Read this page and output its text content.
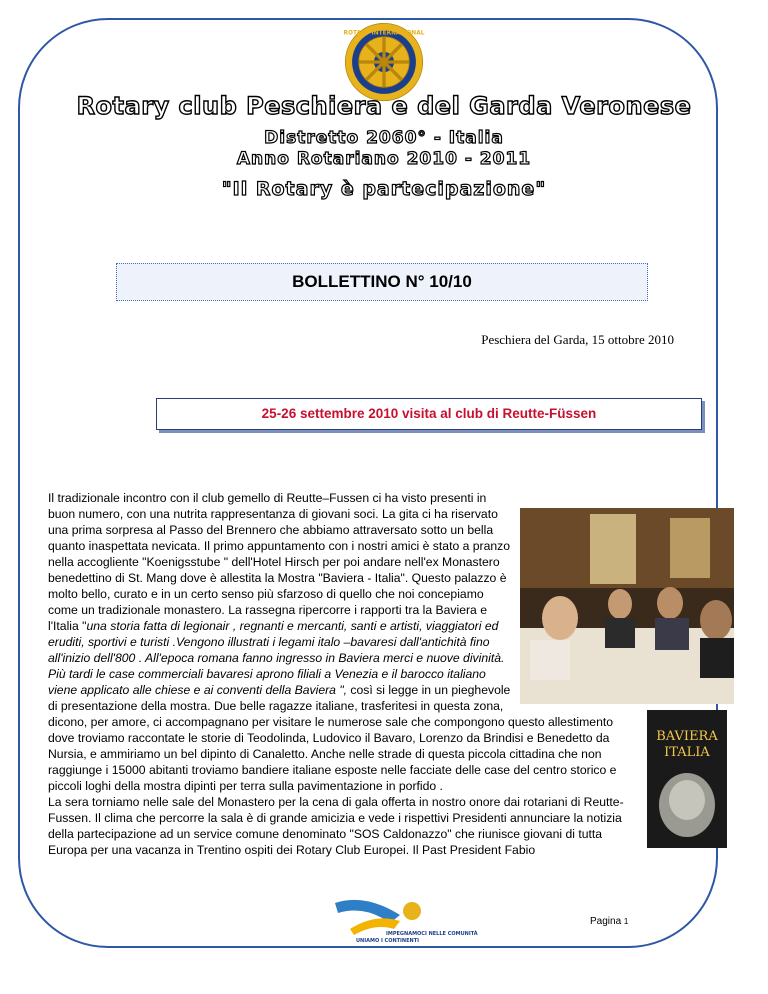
ROTARY INTERNATIONAL
Rotary club Peschiera e del Garda Veronese
Distretto 2060° - Italia
Anno Rotariano 2010 - 2011
"Il Rotary è partecipazione"
BOLLETTINO N° 10/10
Peschiera del Garda, 15 ottobre 2010
25-26 settembre 2010 visita al club di Reutte-Füssen
BAVIERA
ITALIA

Il tradizionale incontro con il club gemello di Reutte–Fussen ci ha visto presenti in buon numero, con una nutrita rappresentanza di giovani soci. La gita ci ha riservato una prima sorpresa al Passo del Brennero che abbiamo attraversato sotto un bella quanto inaspettata nevicata. Il primo appuntamento con i nostri amici è stato a pranzo nella accogliente "Koenigsstube " dell'Hotel Hirsch per poi andare nell'ex Monastero benedettino di St. Mang dove è allestita la Mostra "Baviera - Italia". Questo palazzo è molto bello, curato e in un certo senso più sfarzoso di quello che noi concepiamo come un tradizionale monastero. La rassegna ripercorre i rapporti tra la Baviera e l'Italia "una storia fatta di legionair , regnanti e mercanti, santi e artisti, viaggiatori ed eruditi, sportivi e turisti .Vengono illustrati i legami italo –bavaresi dall'antichità fino all'inizio dell'800 . All'epoca romana fanno ingresso in Baviera merci e nuove divinità. Più tardi le case commerciali bavaresi aprono filiali a Venezia e il barocco italiano viene applicato alle chiese e ai conventi della Baviera ", così si legge in un pieghevole di presentazione della mostra. Due belle ragazze italiane, trasferitesi in questa zona, dicono, per amore, ci accompagnano per visitare le numerose sale che compongono questo allestimento dove troviamo raccontate le storie di Teodolinda, Ludovico il Bavaro, Lorenzo da Brindisi e Benedetto da Nursia, e ammiriamo un bel dipinto di Canaletto. Anche nelle strade di questa piccola cittadina che non raggiunge i 15000 abitanti troviamo bandiere italiane esposte nelle facciate delle case del centro storico e piccoli loghi della mostra dipinti per terra sulla pavimentazione in porfido .

La sera torniamo nelle sale del Monastero per la cena di gala offerta in nostro onore dai rotariani di Reutte-Fussen. Il clima che percorre la sala è di grande amicizia e vede i rispettivi Presidenti annunciare la notizia della partecipazione ad un service comune denominato "SOS Caldonazzo" che riunisce giovani di tutta Europa per una vacanza in Trentino ospiti dei Rotary Club Europei. Il Past President Fabio

IMPEGNAMOCI NELLE COMUNITÀ
UNIAMO I CONTINENTI
Pagina 1
